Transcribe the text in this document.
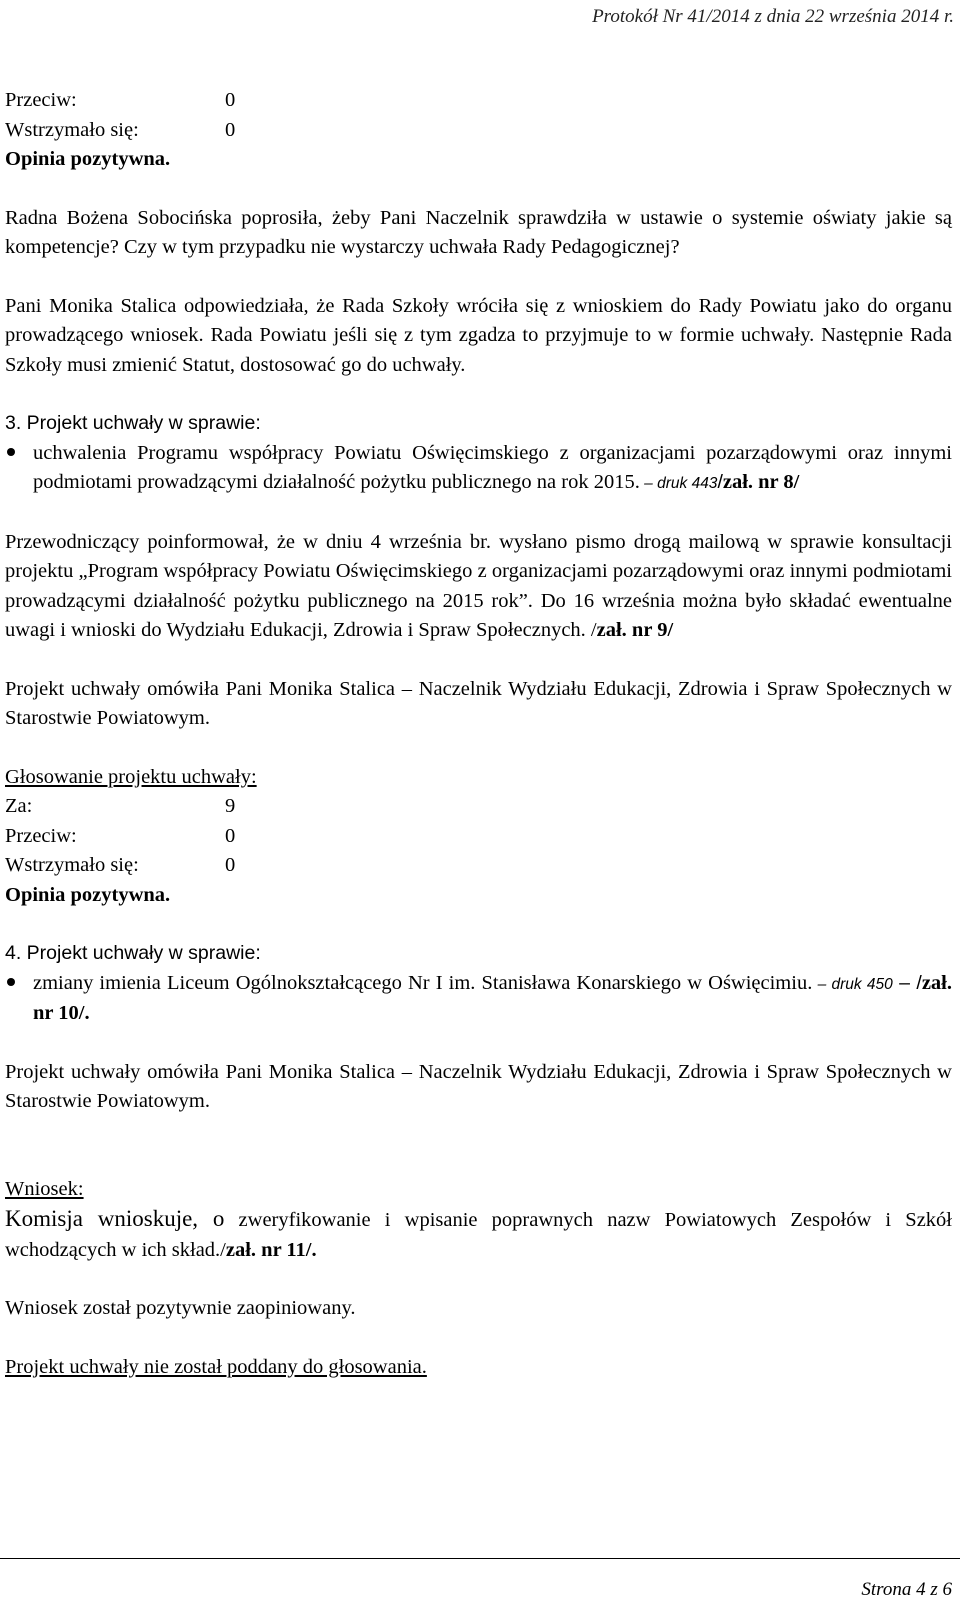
Protokół Nr 41/2014 z dnia 22 września 2014 r.
Przeciw:	0
Wstrzymało się:	0

Opinia pozytywna.

Radna Bożena Sobocińska poprosiła, żeby Pani Naczelnik sprawdziła w ustawie o systemie oświaty jakie są kompetencje? Czy w tym przypadku nie wystarczy uchwała Rady Pedagogicznej?

Pani Monika Stalica odpowiedziała, że Rada Szkoły wróciła się z wnioskiem do Rady Powiatu jako do organu prowadzącego wniosek. Rada Powiatu jeśli się z tym zgadza to przyjmuje to w formie uchwały. Następnie Rada Szkoły musi zmienić Statut, dostosować go do uchwały.

3. Projekt uchwały w sprawie:

uchwalenia Programu współpracy Powiatu Oświęcimskiego z organizacjami pozarządowymi oraz innymi podmiotami prowadzącymi działalność pożytku publicznego na rok 2015. – druk 443/zał. nr 8/

Przewodniczący poinformował, że w dniu 4 września br. wysłano pismo drogą mailową w sprawie konsultacji projektu „Program współpracy Powiatu Oświęcimskiego z organizacjami pozarządowymi oraz innymi podmiotami prowadzącymi działalność pożytku publicznego na 2015 rok”. Do 16 września można było składać ewentualne uwagi i wnioski do Wydziału Edukacji, Zdrowia i Spraw Społecznych. /zał. nr 9/

Projekt uchwały omówiła Pani Monika Stalica – Naczelnik Wydziału Edukacji, Zdrowia i Spraw Społecznych w Starostwie Powiatowym.

Głosowanie projektu uchwały:

Za:	9
Przeciw:	0
Wstrzymało się:	0

Opinia pozytywna.

4. Projekt uchwały w sprawie:

zmiany imienia Liceum Ogólnokształcącego Nr I im. Stanisława Konarskiego w Oświęcimiu. – druk 450 – /zał. nr 10/.

Projekt uchwały omówiła Pani Monika Stalica – Naczelnik Wydziału Edukacji, Zdrowia i Spraw Społecznych w Starostwie Powiatowym.

Wniosek:

Komisja wnioskuje, o zweryfikowanie i wpisanie poprawnych nazw Powiatowych Zespołów i Szkół wchodzących w ich skład./zał. nr 11/.

Wniosek został pozytywnie zaopiniowany.

Projekt uchwały nie został poddany do głosowania.

Strona 4 z 6
